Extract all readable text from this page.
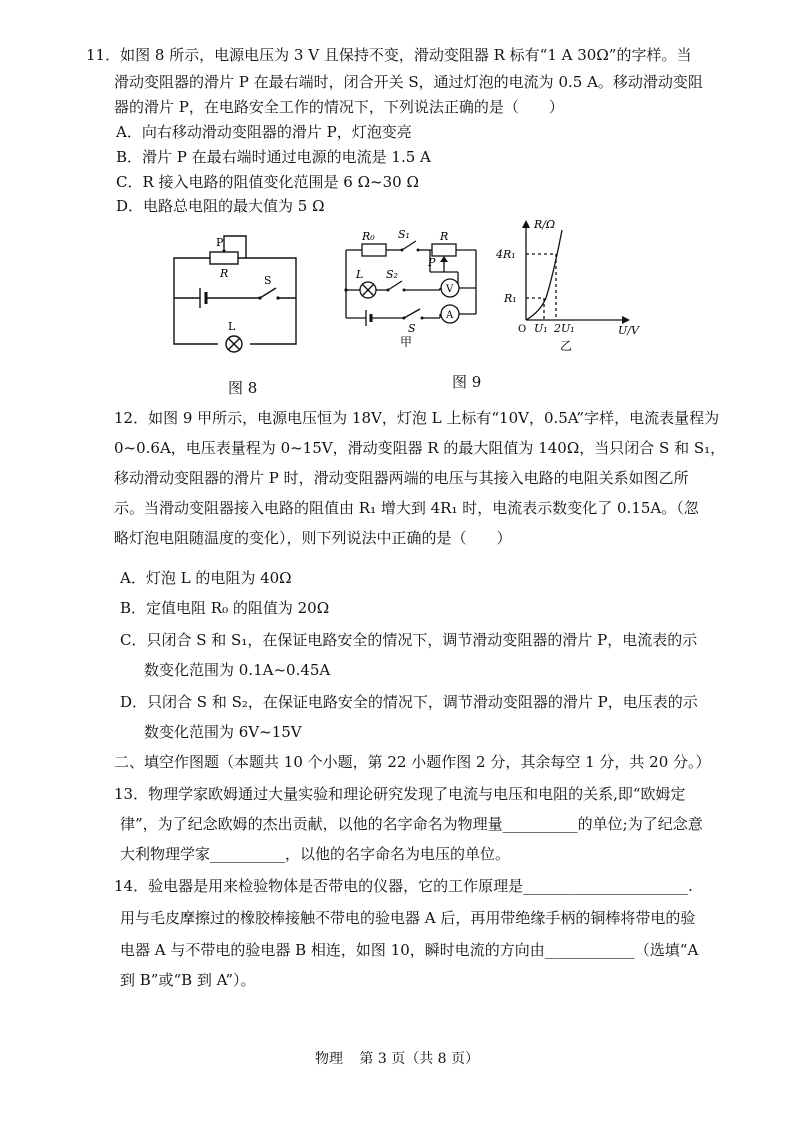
11．如图 8 所示，电源电压为 3 V 且保持不变，滑动变阻器 R 标有“1 A 30Ω”的字样。当
滑动变阻器的滑片 P 在最右端时，闭合开关 S，通过灯泡的电流为 0.5 A。移动滑动变阻
器的滑片 P，在电路安全工作的情况下，下列说法正确的是（　　）
A．向右移动滑动变阻器的滑片 P，灯泡变亮
B．滑片 P 在最右端时通过电源的电流是 1.5 A
C．R 接入电路的阻值变化范围是 6 Ω~30 Ω
D．电路总电阻的最大值为 5 Ω
P
R
S
L
图 8
R₀ S₁	R
P
L S₂
V
S
A
甲
R/Ω
4R₁
R₁
O U₁ 2U₁	U/V
乙
图 9
12．如图 9 甲所示，电源电压恒为 18V，灯泡 L 上标有“10V，0.5A”字样，电流表量程为
0~0.6A，电压表量程为 0~15V，滑动变阻器 R 的最大阻值为 140Ω，当只闭合 S 和 S₁，
移动滑动变阻器的滑片 P 时，滑动变阻器两端的电压与其接入电路的电阻关系如图乙所
示。当滑动变阻器接入电路的阻值由 R₁ 增大到 4R₁ 时，电流表示数变化了 0.15A。（忽
略灯泡电阻随温度的变化），则下列说法中正确的是（　　）
A．灯泡 L 的电阻为 40Ω
B．定值电阻 R₀ 的阻值为 20Ω
C．只闭合 S 和 S₁，在保证电路安全的情况下，调节滑动变阻器的滑片 P，电流表的示
数变化范围为 0.1A~0.45A
D．只闭合 S 和 S₂，在保证电路安全的情况下，调节滑动变阻器的滑片 P，电压表的示
数变化范围为 6V~15V
二、填空作图题（本题共 10 个小题，第 22 小题作图 2 分，其余每空 1 分，共 20 分。）
13．物理学家欧姆通过大量实验和理论研究发现了电流与电压和电阻的关系,即“欧姆定
律”，为了纪念欧姆的杰出贡献，以他的名字命名为物理量__________的单位;为了纪念意
大利物理学家__________，以他的名字命名为电压的单位。
14．验电器是用来检验物体是否带电的仪器，它的工作原理是______________________.
用与毛皮摩擦过的橡胶棒接触不带电的验电器 A 后，再用带绝缘手柄的铜棒将带电的验
电器 A 与不带电的验电器 B 相连，如图 10，瞬时电流的方向由____________（选填“A
到 B”或“B 到 A”）。
物理 第 3 页（共 8 页）
